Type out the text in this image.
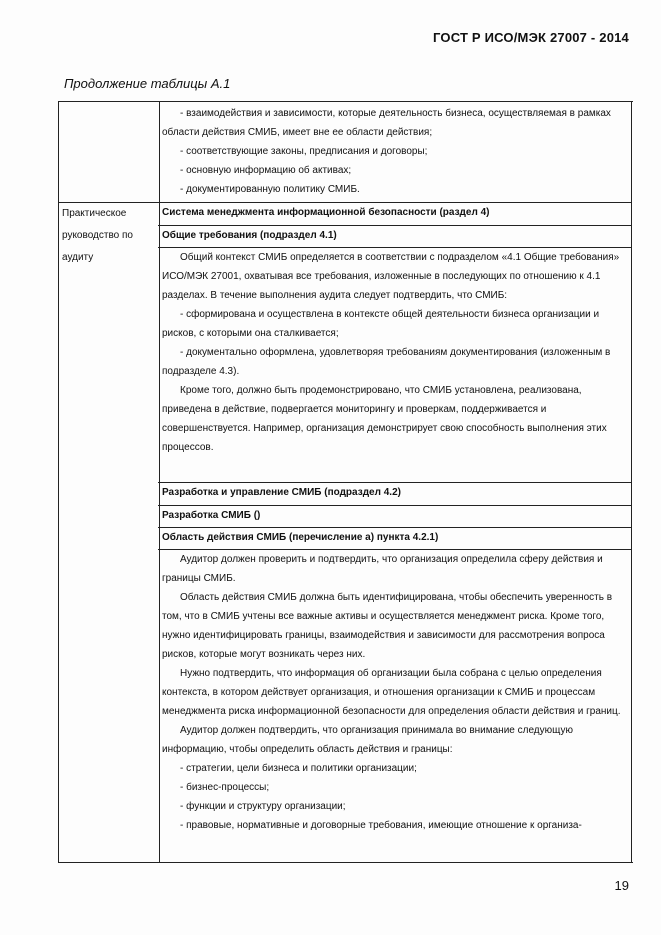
ГОСТ Р ИСО/МЭК 27007 - 2014
Продолжение таблицы А.1

- взаимодействия и зависимости, которые деятельность бизнеса, осуществляемая в рамках области действия СМИБ, имеет вне ее области действия;

- соответствующие законы, предписания и договоры;

- основную информацию об активах;

- документированную политику СМИБ.

Практическое руководство по аудиту
Система менеджмента информационной безопасности (раздел 4)
Общие требования (подраздел 4.1)

Общий контекст СМИБ определяется в соответствии с подразделом «4.1 Общие требования» ИСО/МЭК 27001, охватывая все требования, изложенные в последующих по отношению к 4.1 разделах. В течение выполнения аудита следует подтвердить, что СМИБ:

- сформирована и осуществлена в контексте общей деятельности бизнеса организации и рисков, с которыми она сталкивается;

- документально оформлена, удовлетворяя требованиям документирования (изложенным в подразделе 4.3).

Кроме того, должно быть продемонстрировано, что СМИБ установлена, реализована, приведена в действие, подвергается мониторингу и проверкам, поддерживается и совершенствуется. Например, организация демонстрирует свою способность выполнения этих процессов.

Разработка и управление СМИБ (подраздел 4.2)
Разработка СМИБ ()
Область действия СМИБ (перечисление а) пункта 4.2.1)

Аудитор должен проверить и подтвердить, что организация определила сферу действия и границы СМИБ.

Область действия СМИБ должна быть идентифицирована, чтобы обеспечить уверенность в том, что в СМИБ учтены все важные активы и осуществляется менеджмент риска. Кроме того, нужно идентифицировать границы, взаимодействия и зависимости для рассмотрения вопроса рисков, которые могут возникать через них.

Нужно подтвердить, что информация об организации была собрана с целью определения контекста, в котором действует организация, и отношения организации к СМИБ и процессам менеджмента риска информационной безопасности для определения области действия и границ.

Аудитор должен подтвердить, что организация принимала во внимание следующую информацию, чтобы определить область действия и границы:

- стратегии, цели бизнеса и политики организации;

- бизнес-процессы;

- функции и структуру организации;

- правовые, нормативные и договорные требования, имеющие отношение к организа-

19
